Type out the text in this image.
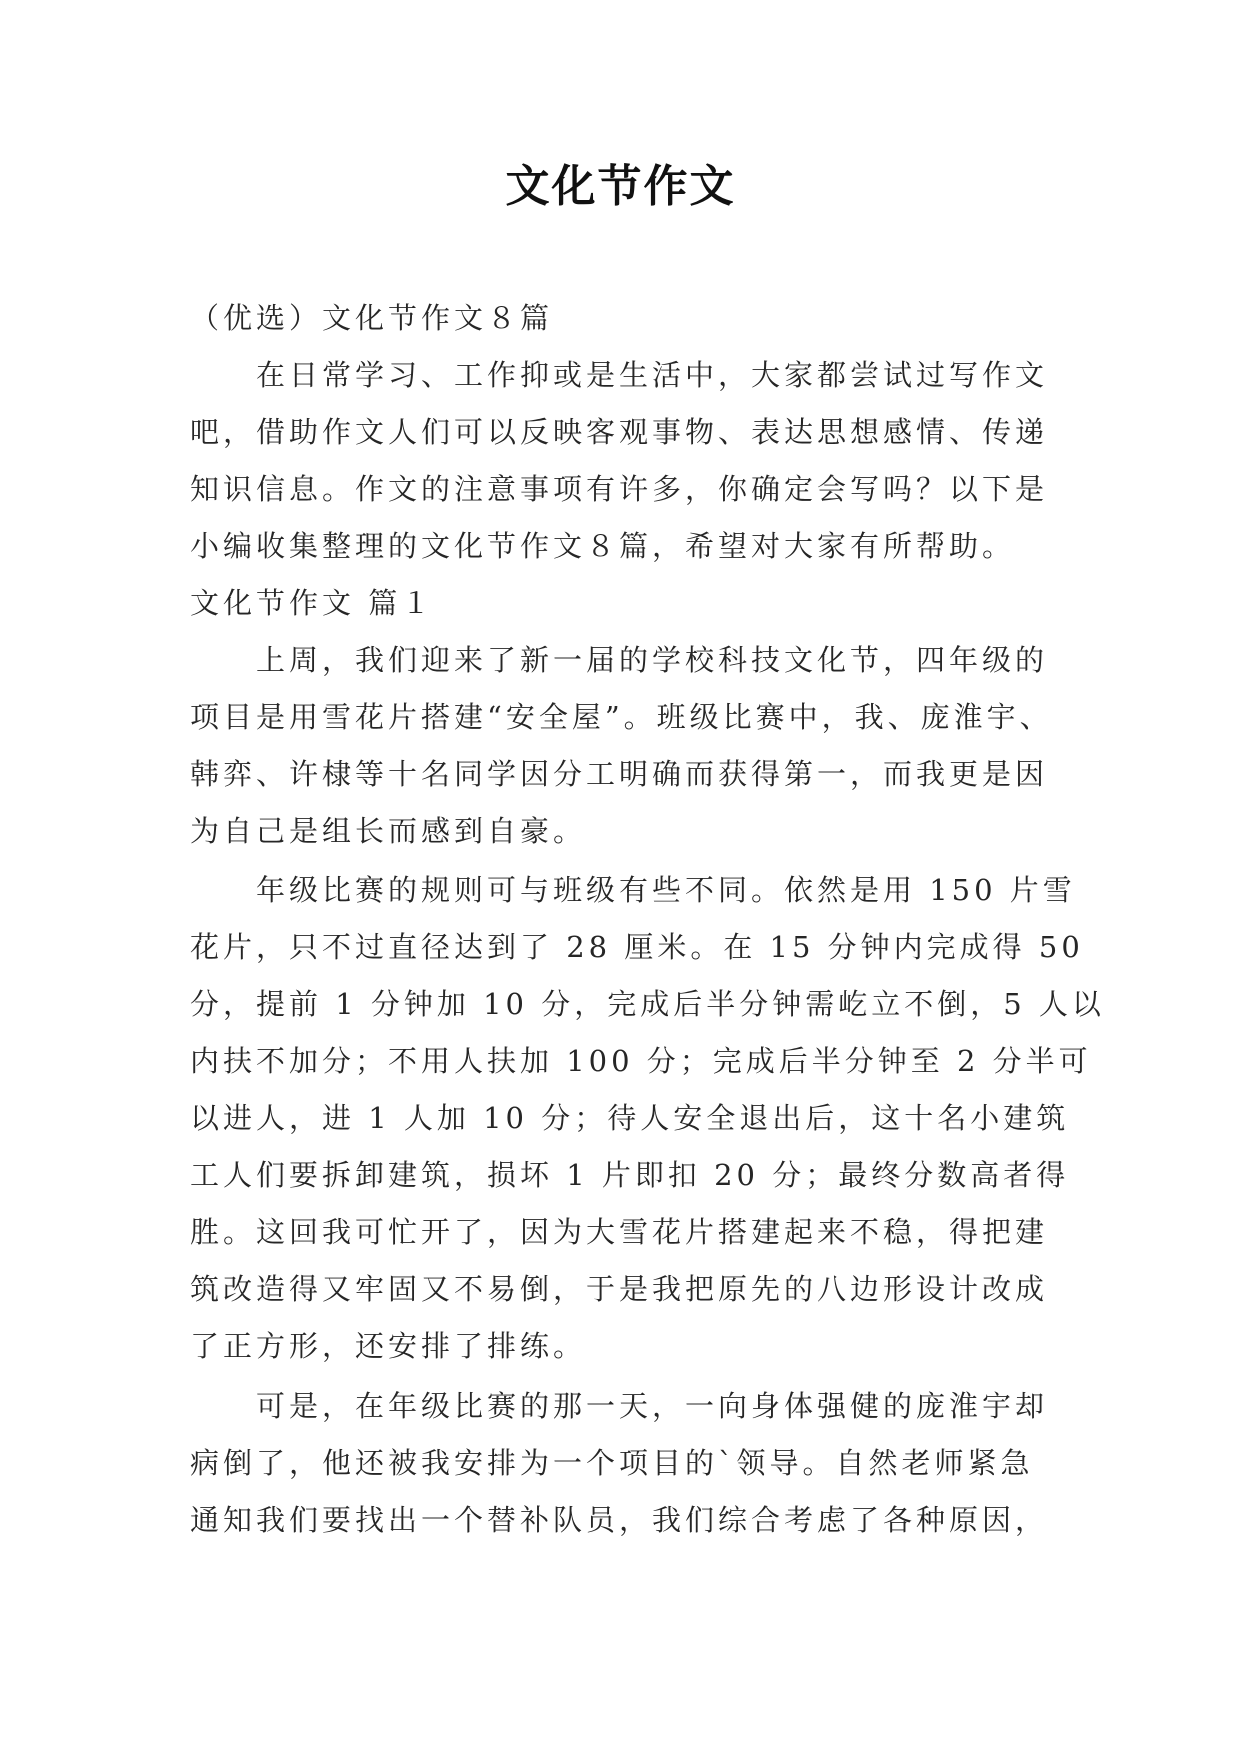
文化节作文

（优选）文化节作文８篇

在日常学习、工作抑或是生活中，大家都尝试过写作文

吧，借助作文人们可以反映客观事物、表达思想感情、传递

知识信息。作文的注意事项有许多，你确定会写吗？以下是

小编收集整理的文化节作文８篇，希望对大家有所帮助。

文化节作文 篇１

上周，我们迎来了新一届的学校科技文化节，四年级的

项目是用雪花片搭建“安全屋”。班级比赛中，我、庞淮宇、

韩弈、许棣等十名同学因分工明确而获得第一，而我更是因

为自己是组长而感到自豪。

年级比赛的规则可与班级有些不同。依然是用 150 片雪

花片，只不过直径达到了 28 厘米。在 15 分钟内完成得 50

分，提前 1 分钟加 10 分，完成后半分钟需屹立不倒，5 人以

内扶不加分；不用人扶加 100 分；完成后半分钟至 2 分半可

以进人，进 1 人加 10 分；待人安全退出后，这十名小建筑

工人们要拆卸建筑，损坏 1 片即扣 20 分；最终分数高者得

胜。这回我可忙开了，因为大雪花片搭建起来不稳，得把建

筑改造得又牢固又不易倒，于是我把原先的八边形设计改成

了正方形，还安排了排练。

可是，在年级比赛的那一天，一向身体强健的庞淮宇却

病倒了，他还被我安排为一个项目的`领导。自然老师紧急

通知我们要找出一个替补队员，我们综合考虑了各种原因，
